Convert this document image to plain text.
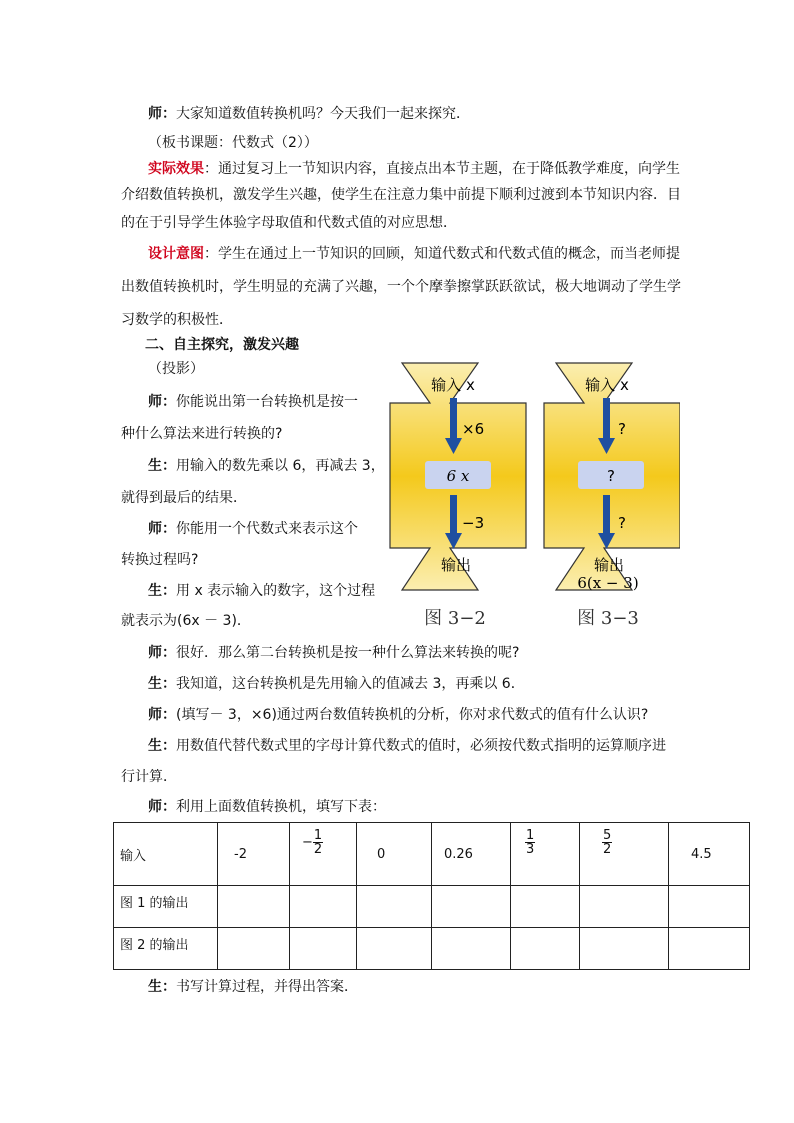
师：大家知道数值转换机吗？今天我们一起来探究．
（板书课题：代数式（2））
实际效果：通过复习上一节知识内容，直接点出本节主题，在于降低教学难度，向学生
介绍数值转换机，激发学生兴趣，使学生在注意力集中前提下顺利过渡到本节知识内容．目
的在于引导学生体验字母取值和代数式值的对应思想．
设计意图：学生在通过上一节知识的回顾，知道代数式和代数式值的概念，而当老师提
出数值转换机时，学生明显的充满了兴趣，一个个摩拳擦掌跃跃欲试，极大地调动了学生学
习数学的积极性．
二、自主探究，激发兴趣
（投影）
师：你能说出第一台转换机是按一
种什么算法来进行转换的?
生：用输入的数先乘以 6，再减去 3，
就得到最后的结果．
师：你能用一个代数式来表示这个
转换过程吗?
生：用 x 表示输入的数字，这个过程
就表示为(6x － 3)．
输入 x
×6
6 x
−3
输出
图 3−2
输入 x
?
?
?
输出
6(x − 3)
图 3−3
师：很好．那么第二台转换机是按一种什么算法来转换的呢?
生：我知道，这台转换机是先用输入的值减去 3，再乘以 6．
师：(填写－ 3，×6)通过两台数值转换机的分析，你对求代数式的值有什么认识?
生：用数值代替代数式里的字母计算代数式的值时，必须按代数式指明的运算顺序进
行计算．
师：利用上面数值转换机，填写下表：
输入	-2	− $\frac{1}{2}$	0	0.26	$\frac{1}{3}$	$\frac{5}{2}$	4.5
图 1 的输出							
图 2 的输出							
生：书写计算过程，并得出答案．
